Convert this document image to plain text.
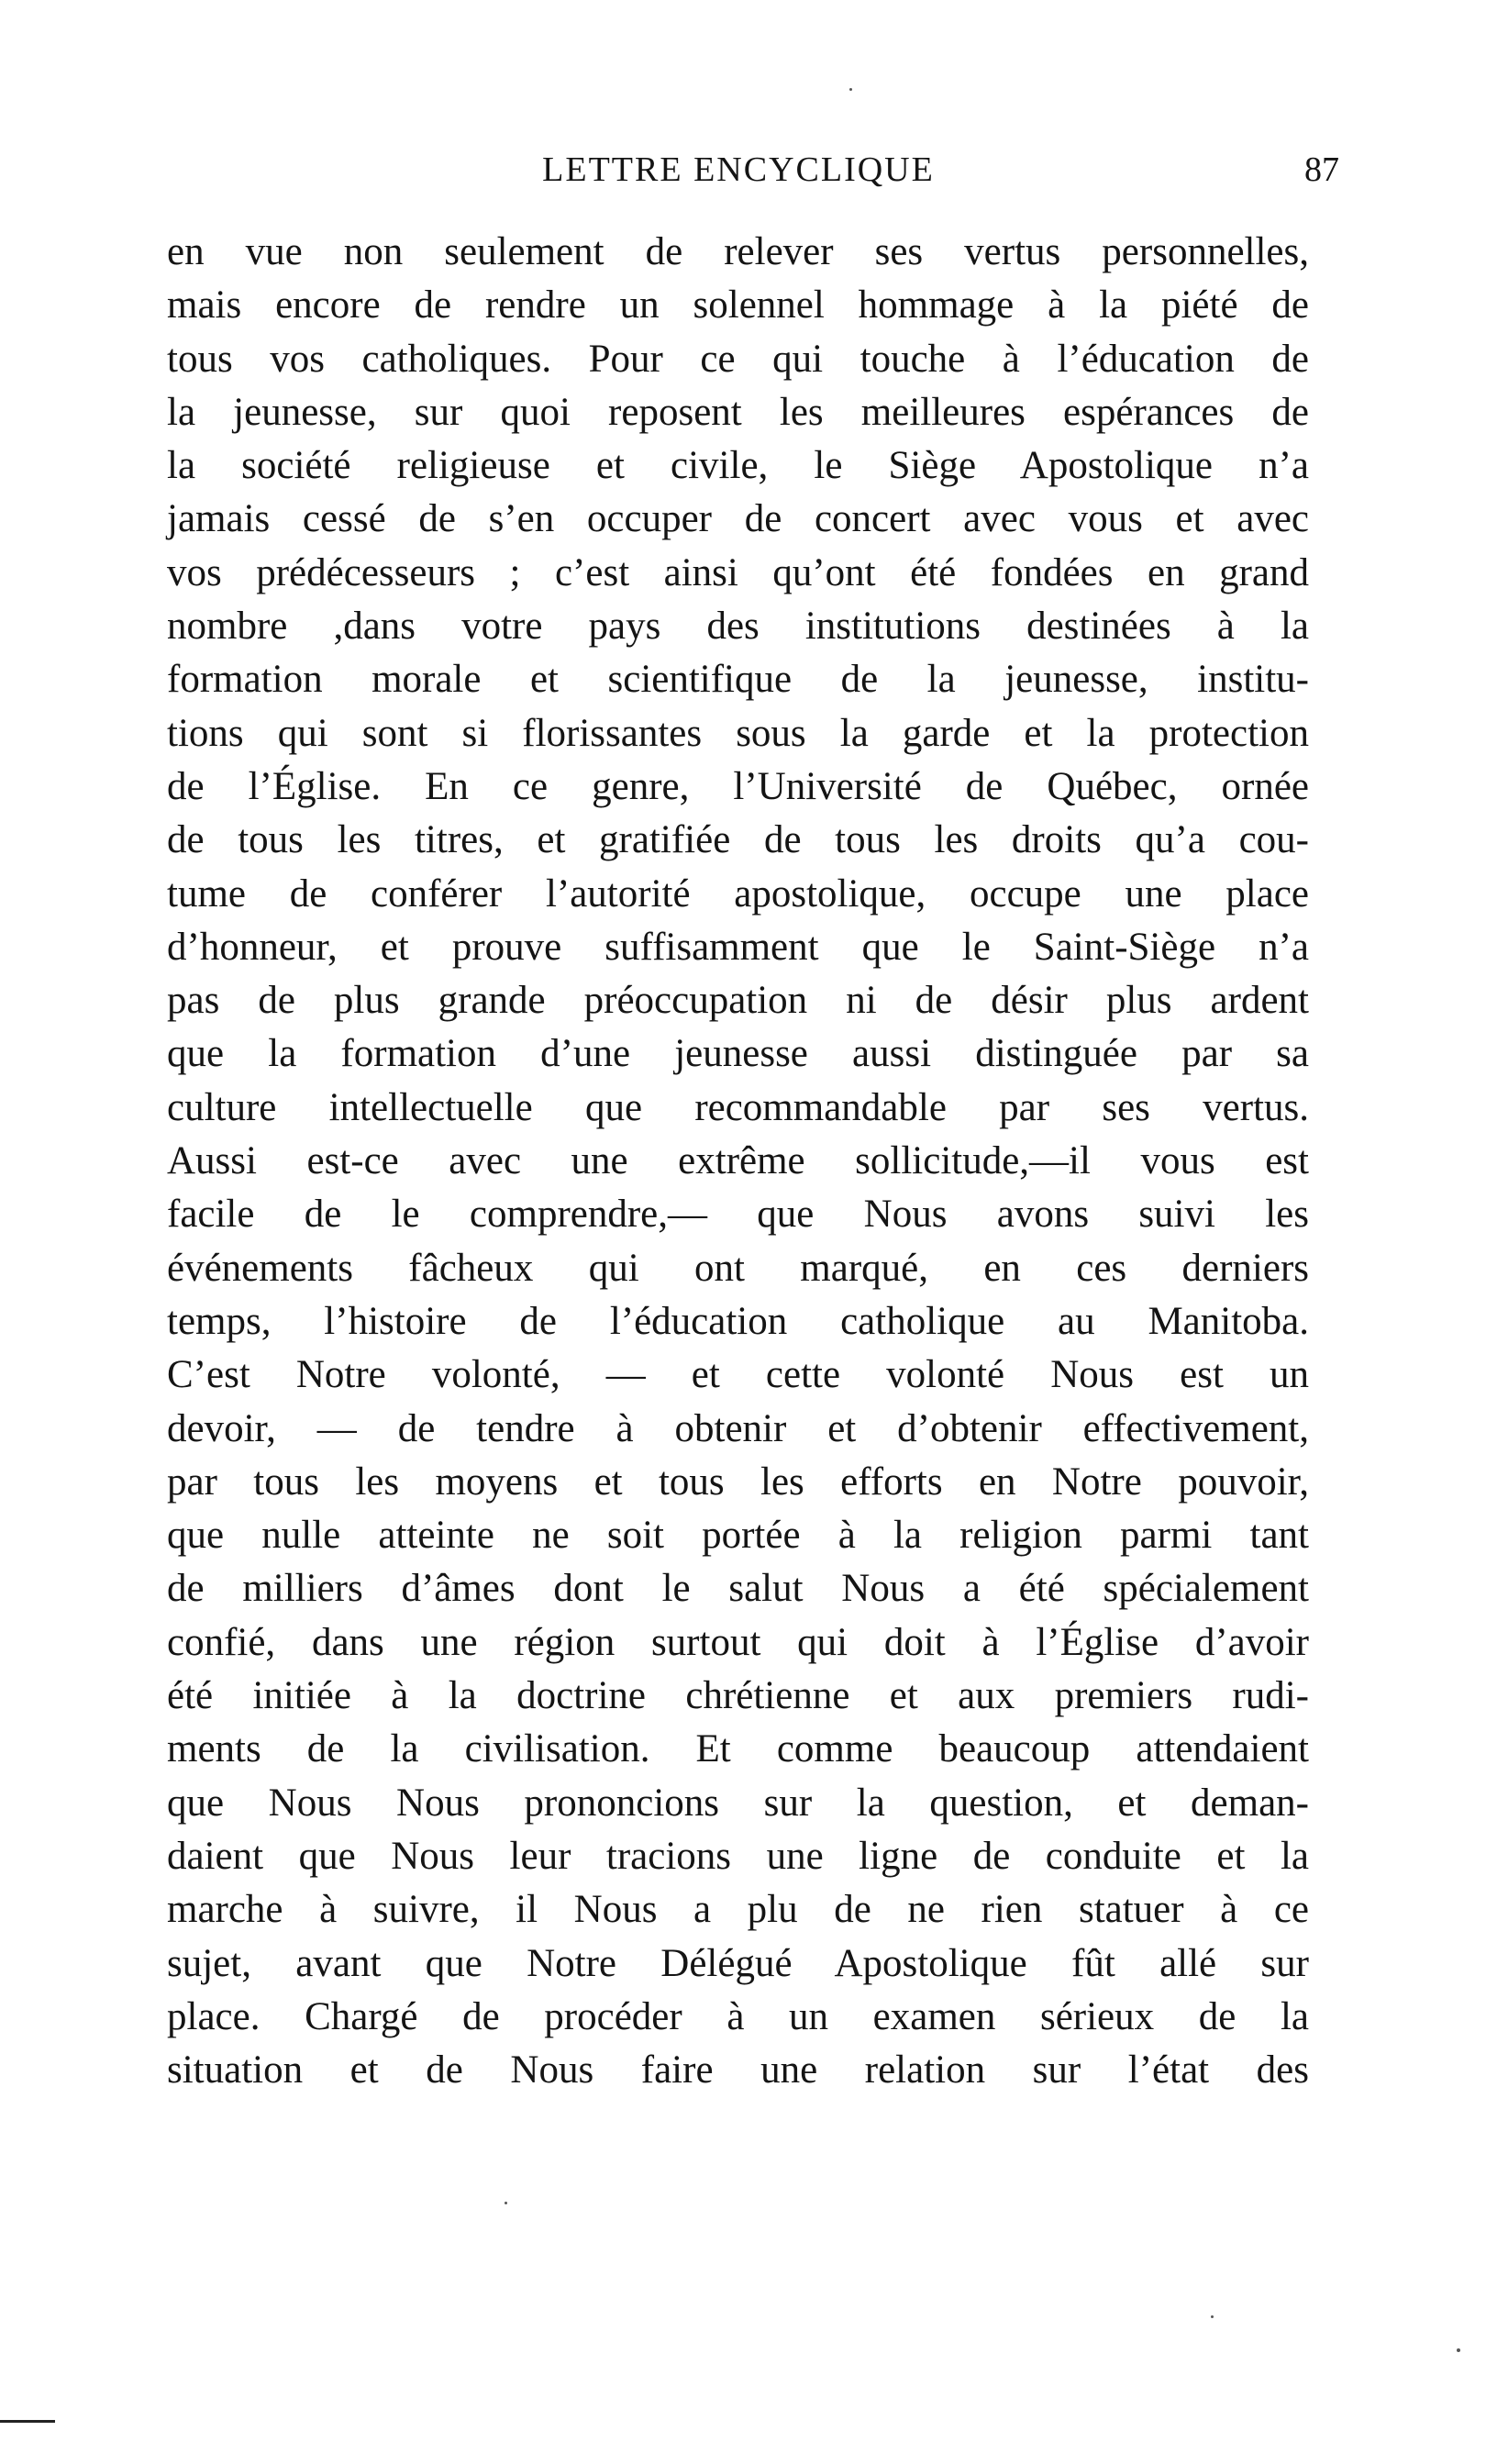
LETTRE ENCYCLIQUE	87
en vue non seulement de relever ses vertus personnelles,
mais encore de rendre un solennel hommage à la piété de
tous vos catholiques. Pour ce qui touche à l’éducation de
la jeunesse, sur quoi reposent les meilleures espérances de
la société religieuse et civile, le Siège Apostolique n’a
jamais cessé de s’en occuper de concert avec vous et avec
vos prédécesseurs ; c’est ainsi qu’ont été fondées en grand
nombre ,dans votre pays des institutions destinées à la
formation morale et scientifique de la jeunesse, institu-
tions qui sont si florissantes sous la garde et la protection
de l’Église. En ce genre, l’Université de Québec, ornée
de tous les titres, et gratifiée de tous les droits qu’a cou-
tume de conférer l’autorité apostolique, occupe une place
d’honneur, et prouve suffisamment que le Saint-Siège n’a
pas de plus grande préoccupation ni de désir plus ardent
que la formation d’une jeunesse aussi distinguée par sa
culture intellectuelle que recommandable par ses vertus.
Aussi est-ce avec une extrême sollicitude,—il vous est
facile de le comprendre,— que Nous avons suivi les
événements fâcheux qui ont marqué, en ces derniers
temps, l’histoire de l’éducation catholique au Manitoba.
C’est Notre volonté, — et cette volonté Nous est un
devoir, — de tendre à obtenir et d’obtenir effectivement,
par tous les moyens et tous les efforts en Notre pouvoir,
que nulle atteinte ne soit portée à la religion parmi tant
de milliers d’âmes dont le salut Nous a été spécialement
confié, dans une région surtout qui doit à l’Église d’avoir
été initiée à la doctrine chrétienne et aux premiers rudi-
ments de la civilisation. Et comme beaucoup attendaient
que Nous Nous prononcions sur la question, et deman-
daient que Nous leur tracions une ligne de conduite et la
marche à suivre, il Nous a plu de ne rien statuer à ce
sujet, avant que Notre Délégué Apostolique fût allé sur
place. Chargé de procéder à un examen sérieux de la
situation et de Nous faire une relation sur l’état des
